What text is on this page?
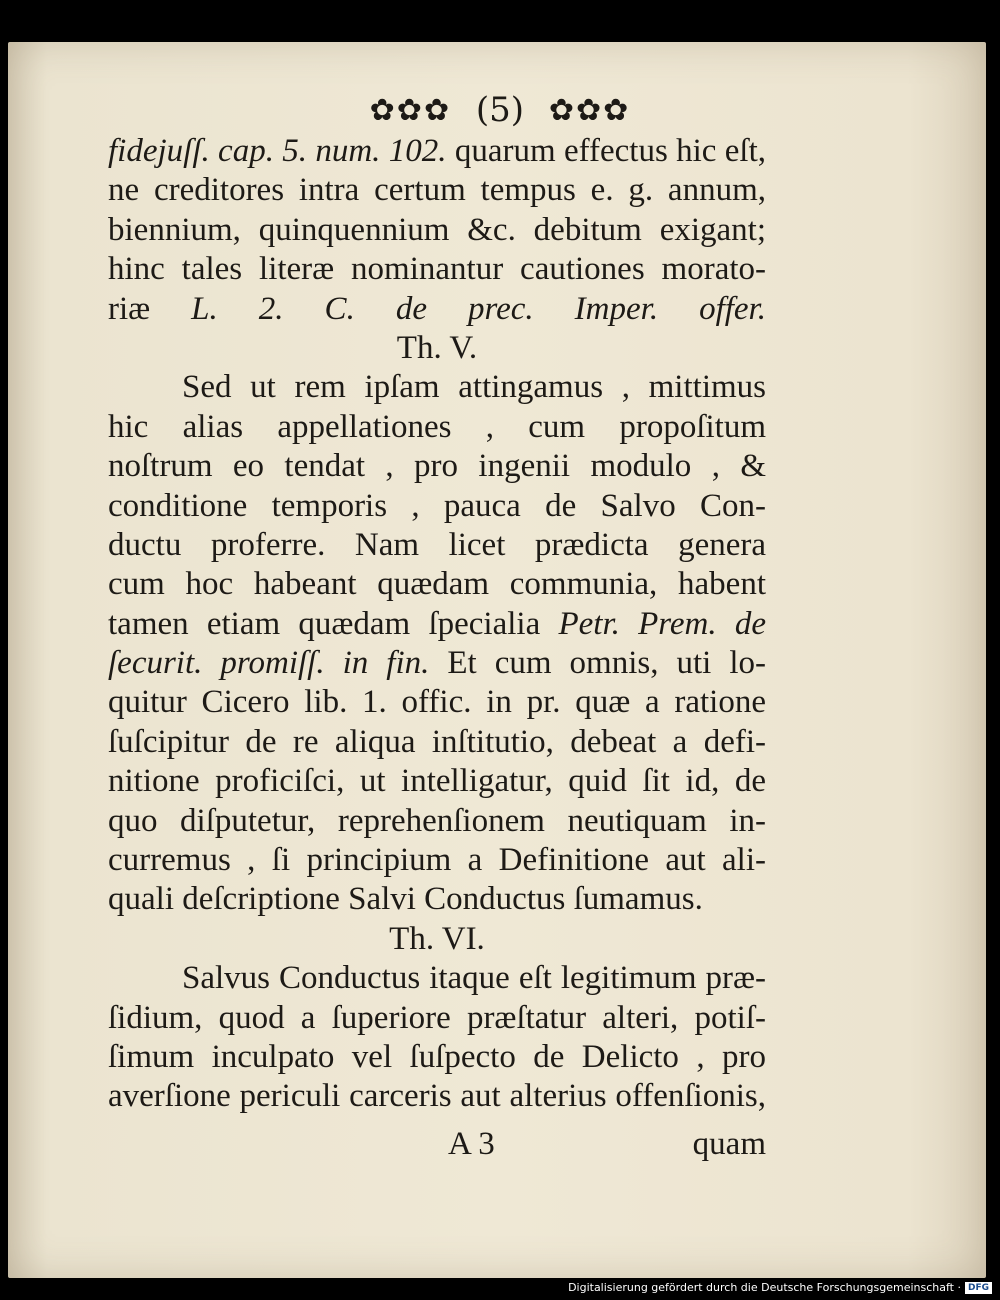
✿✿✿ (5) ✿✿✿
fidejuſſ. cap. 5. num. 102. quarum effectus hic eſt,
ne creditores intra certum tempus e. g. annum,
biennium, quinquennium &c. debitum exigant;
hinc tales literæ nominantur cautiones morato-
riæ L. 2. C. de prec. Imper. offer.
Th. V.
Sed ut rem ipſam attingamus , mittimus
hic alias appellationes , cum propoſitum
noſtrum eo tendat , pro ingenii modulo , &
conditione temporis , pauca de Salvo Con-
ductu proferre. Nam licet prædicta genera
cum hoc habeant quædam communia, habent
tamen etiam quædam ſpecialia Petr. Prem. de
ſecurit. promiſſ. in fin. Et cum omnis, uti lo-
quitur Cicero lib. 1. offic. in pr. quæ a ratione
ſuſcipitur de re aliqua inſtitutio, debeat a defi-
nitione proficiſci, ut intelligatur, quid ſit id, de
quo diſputetur, reprehenſionem neutiquam in-
curremus , ſi principium a Definitione aut ali-
quali deſcriptione Salvi Conductus ſumamus.
Th. VI.
Salvus Conductus itaque eſt legitimum præ-
ſidium, quod a ſuperiore præſtatur alteri, potiſ-
ſimum inculpato vel ſuſpecto de Delicto , pro
averſione periculi carceris aut alterius offenſionis,
A 3	quam
Digitalisierung gefördert durch die Deutsche Forschungsgemeinschaft · DFG
